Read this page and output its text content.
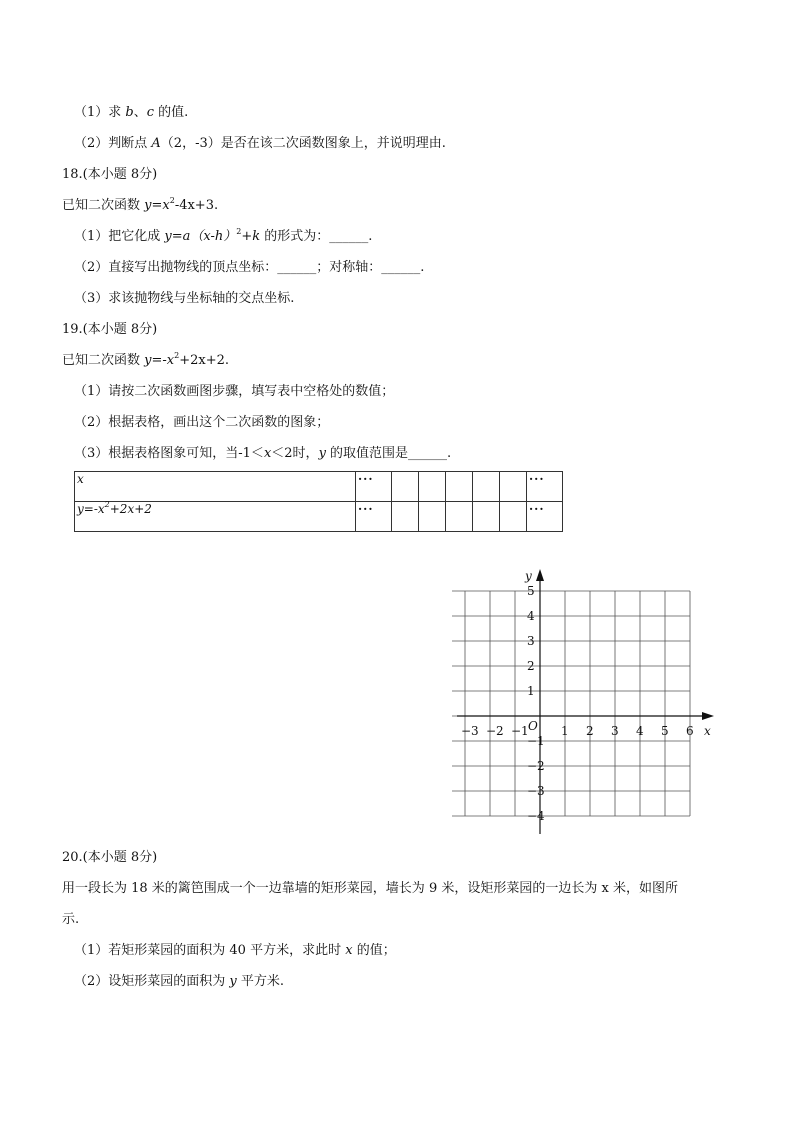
（1）求 b、c 的值.
（2）判断点 A（2，-3）是否在该二次函数图象上，并说明理由.
18.(本小题 8分)
已知二次函数 $y=x^2-4x+3$.
（1）把它化成 $y=a(x-h)^2+k$ 的形式为：______.
（2）直接写出抛物线的顶点坐标：______；对称轴：______.
（3）求该抛物线与坐标轴的交点坐标.
19.(本小题 8分)
已知二次函数 $y=-x^2+2x+2$.
（1）请按二次函数画图步骤，填写表中空格处的数值；
（2）根据表格，画出这个二次函数的图象；
（3）根据表格图象可知，当-1＜x＜2时，y 的取值范围是______.
x	···						···
$y=-x^2+2x+2$	···						···
x
y
O
−3 −2 −1	1 2 3 4 5 6
5
4
3
2
1
−1
−2
−3
−4
20.(本小题 8分)
用一段长为 18 米的篱笆围成一个一边靠墙的矩形菜园，墙长为 9 米，设矩形菜园的一边长为 x 米，如图所
示.
（1）若矩形菜园的面积为 40 平方米，求此时 x 的值；
（2）设矩形菜园的面积为 y 平方米.
